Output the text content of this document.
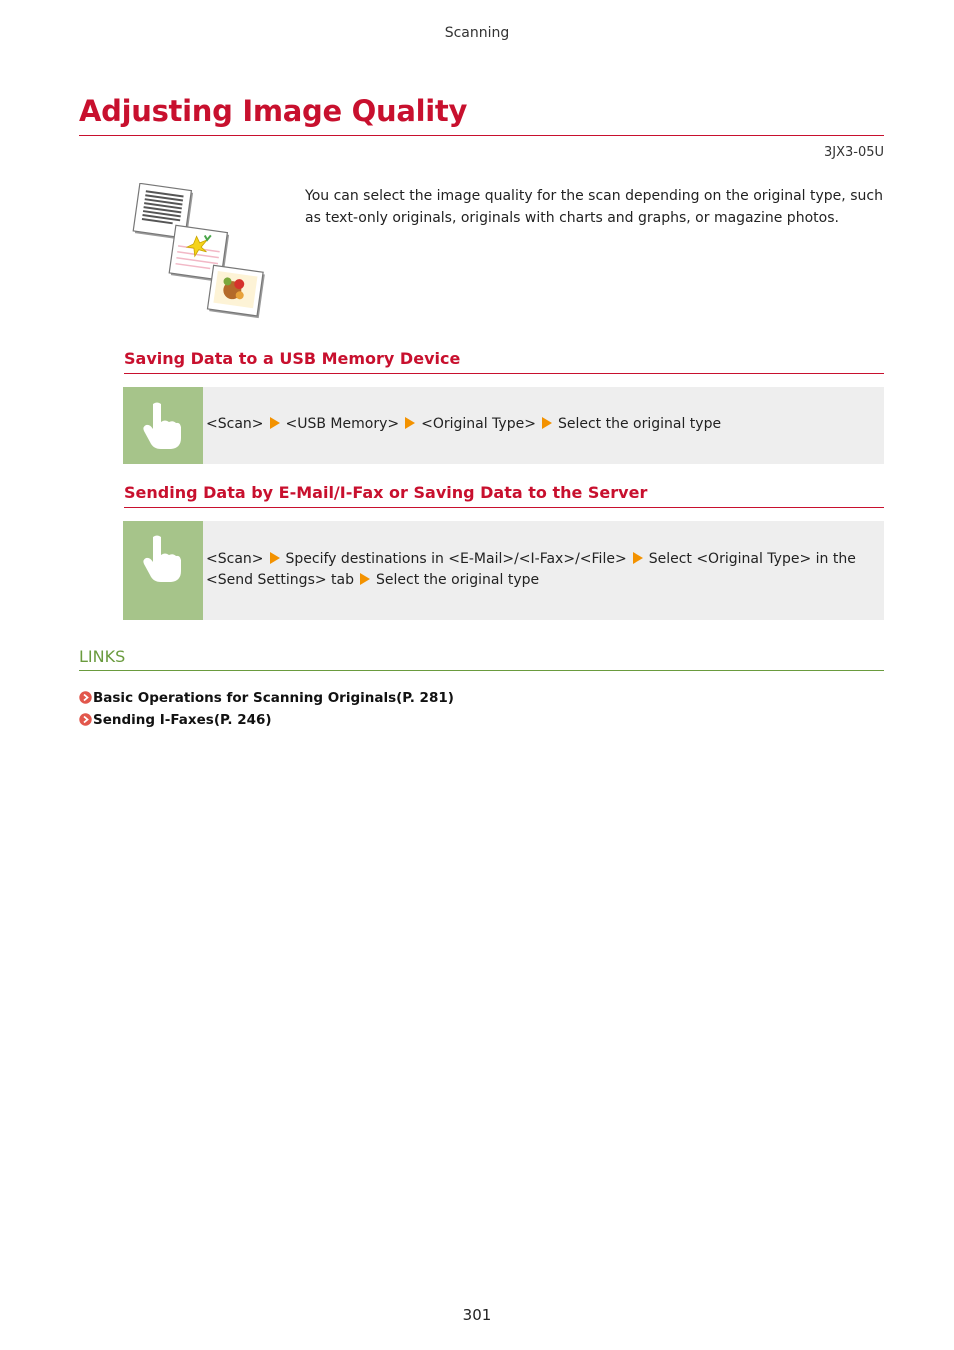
Scanning
Adjusting Image Quality
3JX3-05U

You can select the image quality for the scan depending on the original type, such as text-only originals, originals with charts and graphs, or magazine photos.

Saving Data to a USB Memory Device
<Scan> <USB Memory> <Original Type> Select the original type
Sending Data by E-Mail/I-Fax or Saving Data to the Server
<Scan> Specify destinations in <E-Mail>/<I-Fax>/<File> Select <Original Type> in the <Send Settings> tab Select the original type
LINKS
Basic Operations for Scanning Originals(P. 281)
Sending I-Faxes(P. 246)
301
